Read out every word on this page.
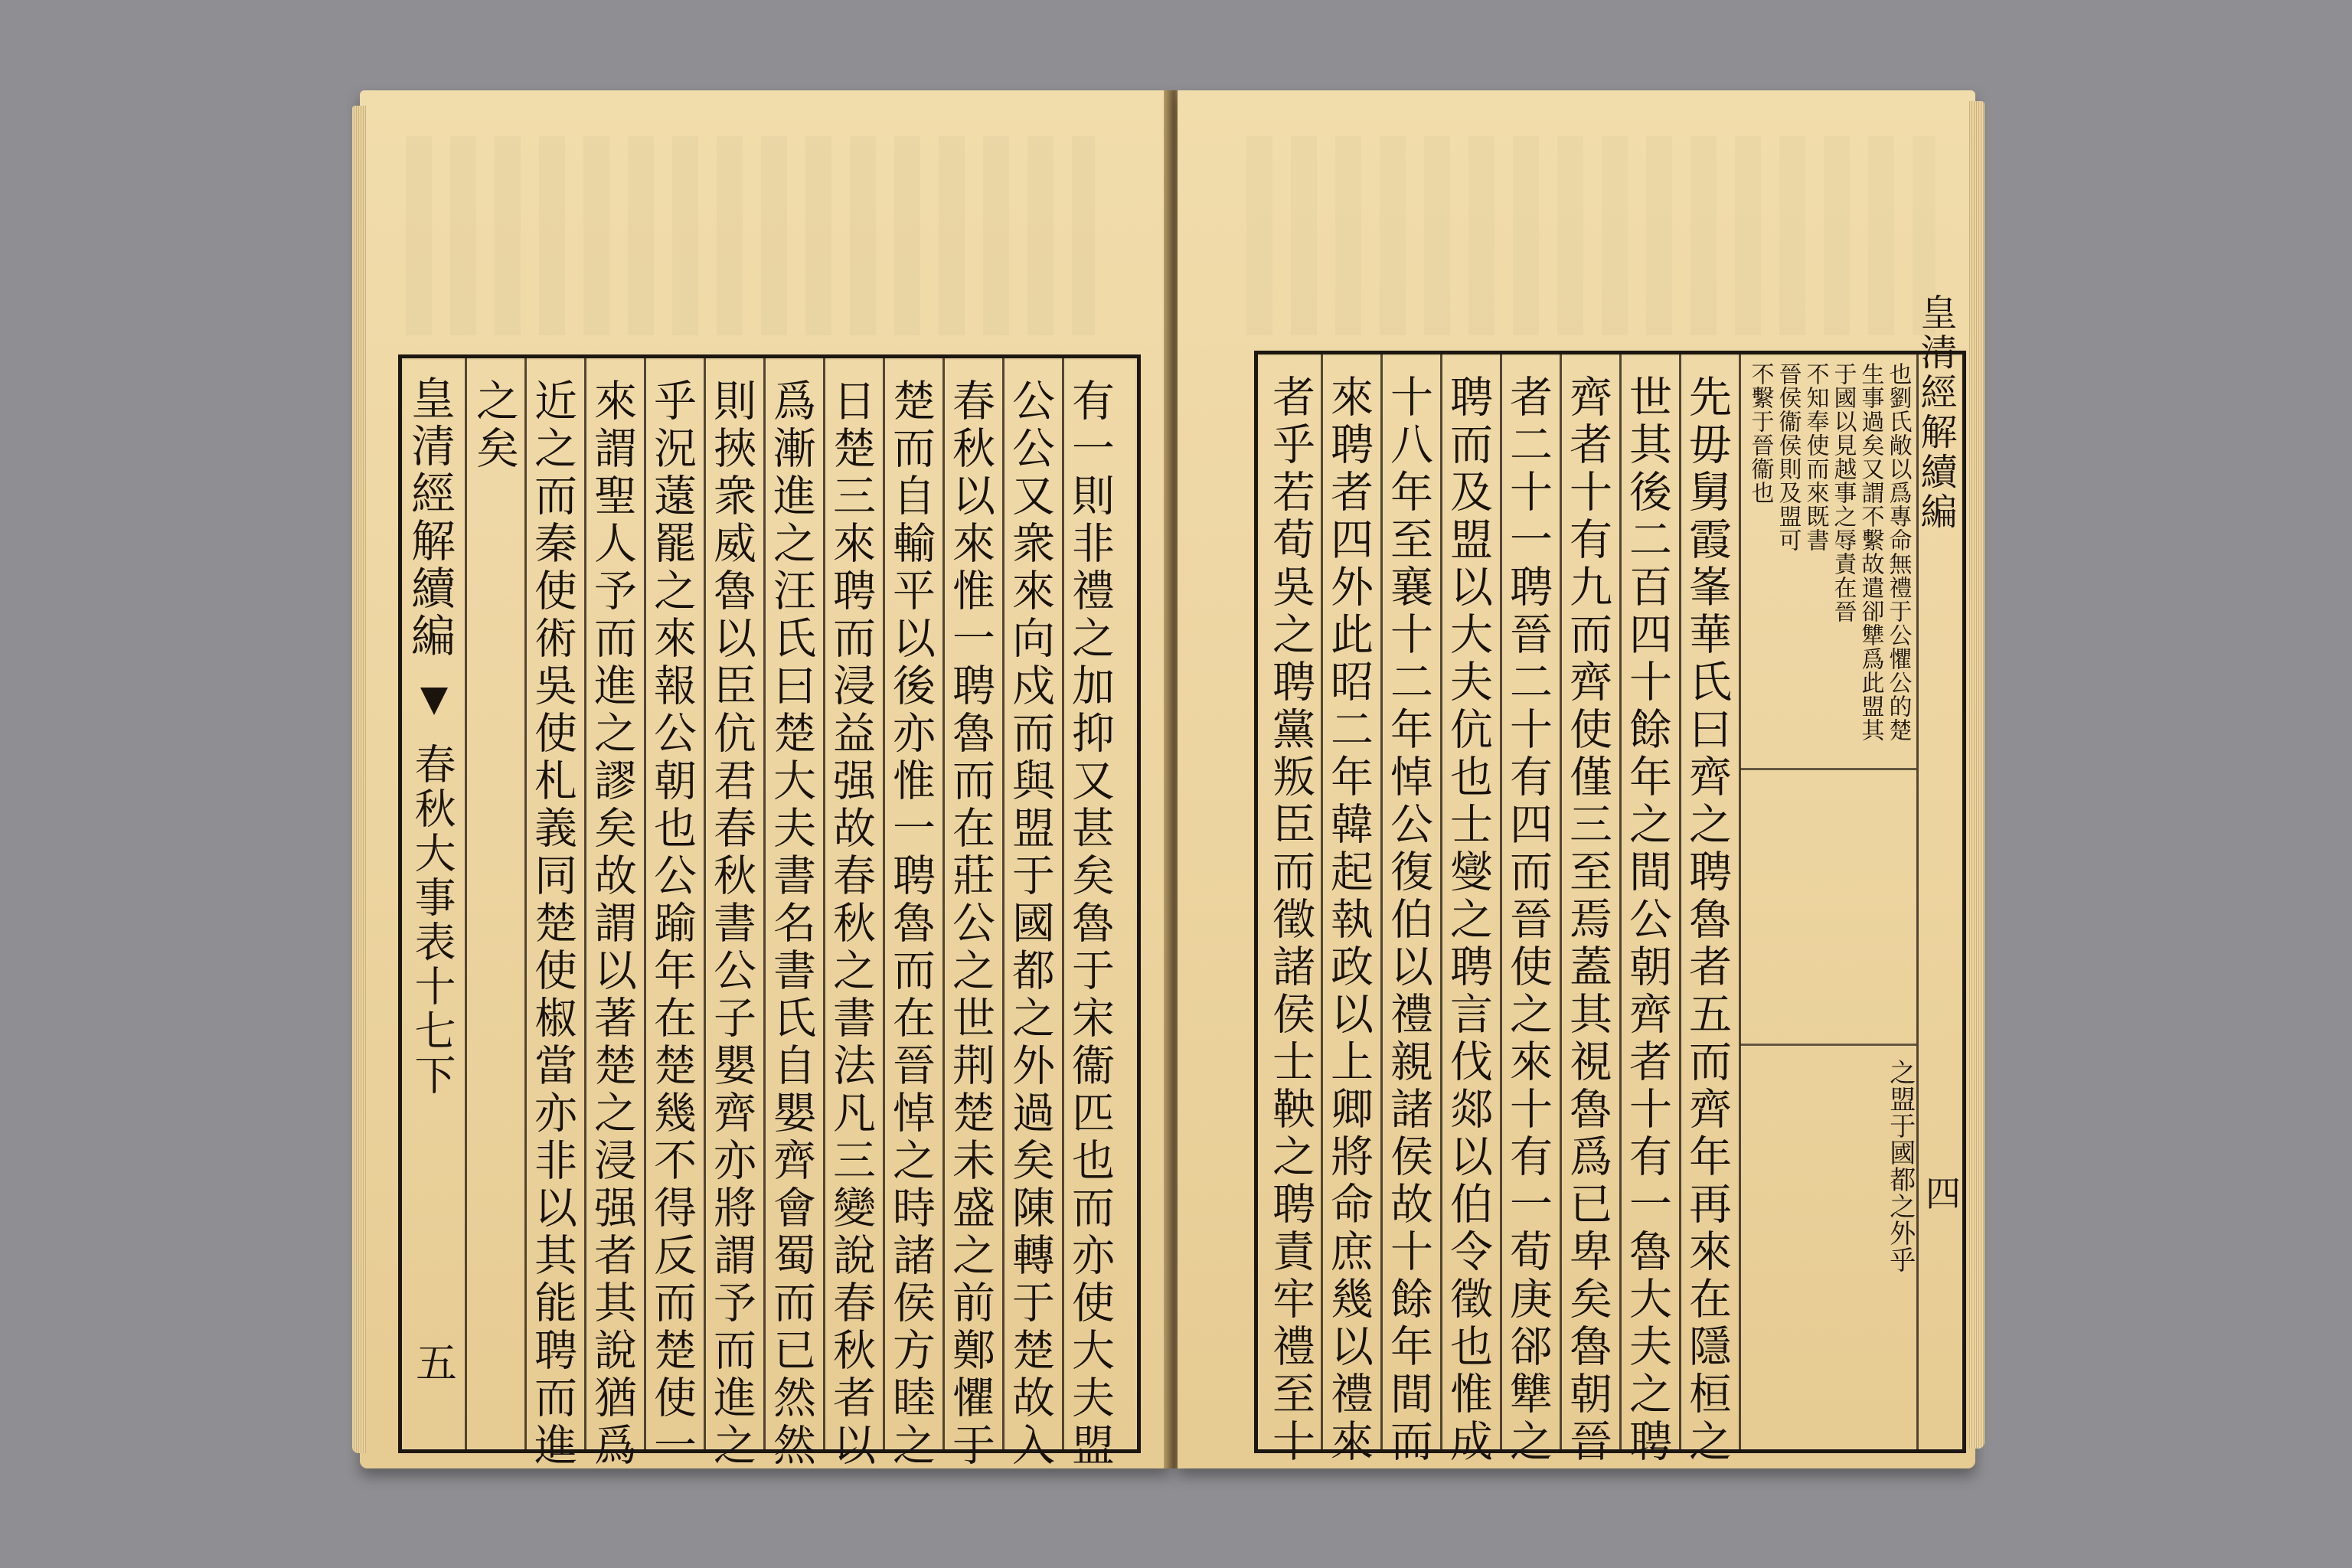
皇清經解續編
春秋大事表十七下
五
之矣 近之而秦使術吳使札義同楚使椒當亦非以其能聘而進 來謂聖人予而進之謬矣故謂以著楚之浸强者其說猶爲 乎況薳罷之來報公朝也公踰年在楚幾不得反而楚使一 則挾衆威魯以臣伉君春秋書公子嬰齊亦將謂予而進之 爲漸進之汪氏曰楚大夫書名書氏自嬰齊會蜀而已然然 日楚三來聘而浸益强故春秋之書法凡三變說春秋者以 楚而自輸平以後亦惟一聘魯而在晉悼之時諸侯方睦之 春秋以來惟一聘魯而在莊公之世荆楚未盛之前鄭懼于 公公又衆來向戍而與盟于國都之外過矣陳轉于楚故入 有一則非禮之加抑又甚矣魯于宋衞匹也而亦使大夫盟	者乎若荀吳之聘黨叛臣而徵諸侯士鞅之聘責牢禮至十 來聘者四外此昭二年韓起執政以上卿將命庶幾以禮來 十八年至襄十二年悼公復伯以禮親諸侯故十餘年間而 聘而及盟以大夫伉也士燮之聘言伐郯以伯令徵也惟成 者二十一聘晉二十有四而晉使之來十有一荀庚郤犨之 齊者十有九而齊使僅三至焉蓋其視魯爲已卑矣魯朝晉 世其後二百四十餘年之間公朝齊者十有一魯大夫之聘 先毋舅霞峯華氏曰齊之聘魯者五而齊年再來在隱桓之 不繫于晉衞也 晉侯衞侯則及盟可 不知奉使而來既書 于國以見越事之辱責在晉 生事過矣又謂不繫故遣卻犨爲此盟其 也劉氏敞以爲專命無禮于公懼公的楚
之盟于國都之外乎
皇清經解續編
四
